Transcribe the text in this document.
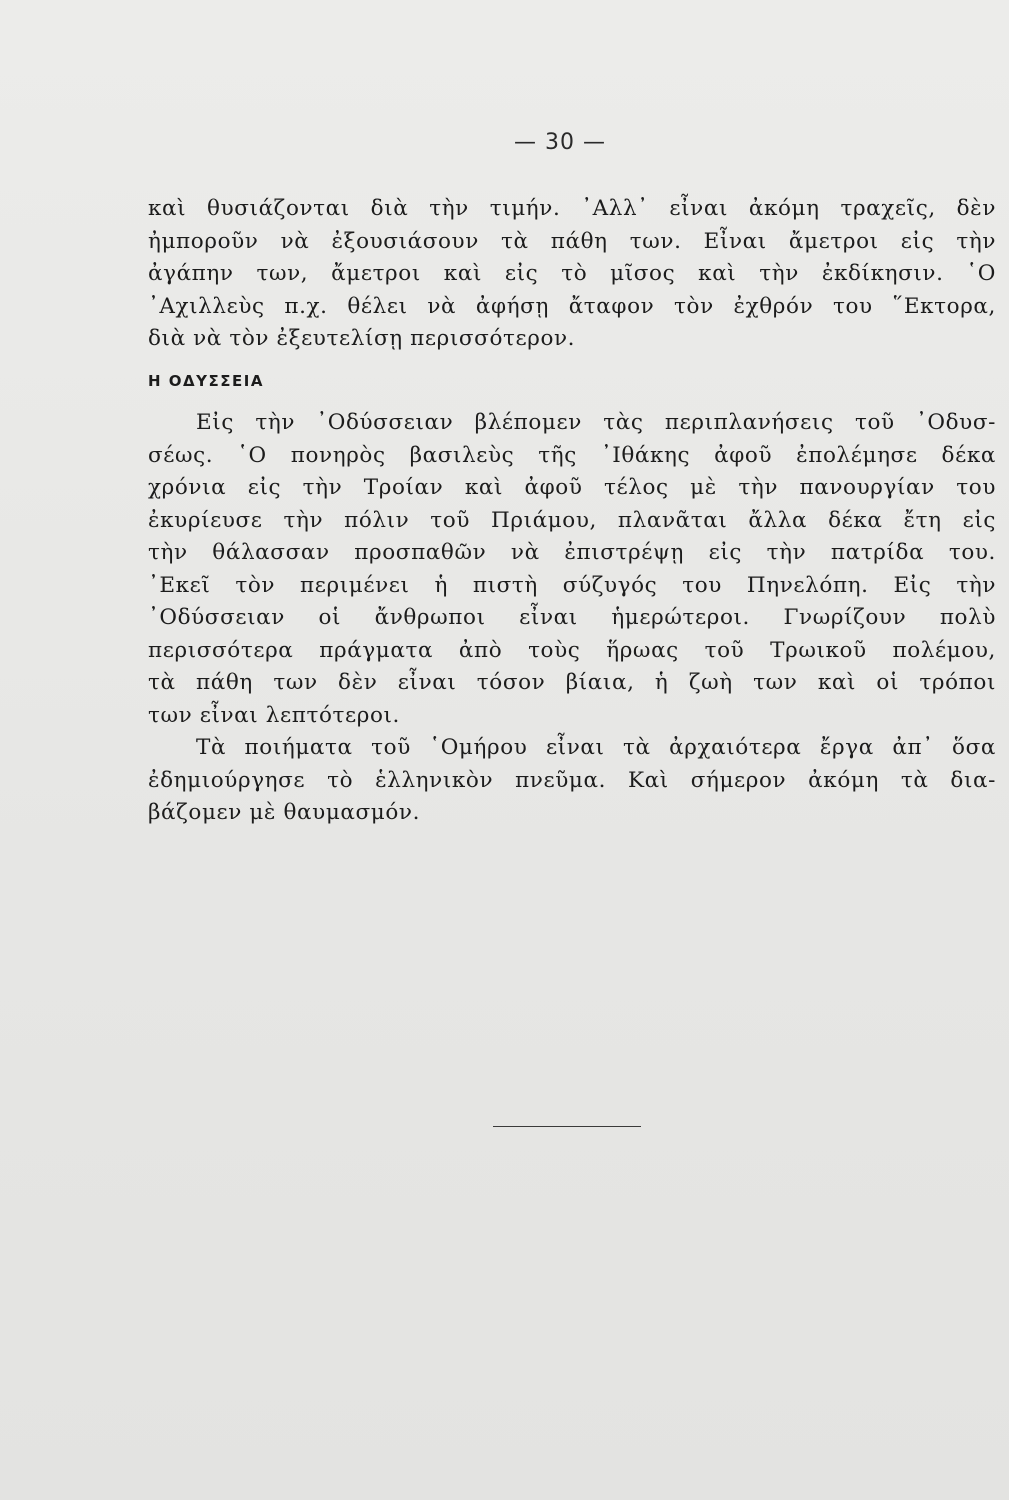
— 30 —
καὶ θυσιάζονται διὰ τὴν τιμήν. ᾿Αλλ᾿ εἶναι ἀκόμη τραχεῖς, δὲν
ἠμποροῦν νὰ ἐξουσιάσουν τὰ πάθη των. Εἶναι ἄμετροι εἰς τὴν
ἀγάπην των, ἄμετροι καὶ εἰς τὸ μῖσος καὶ τὴν ἐκδίκησιν. ῾Ο
᾿Αχιλλεὺς π.χ. θέλει νὰ ἀφήσῃ ἄταφον τὸν ἐχθρόν του ῞Εκτορα,
διὰ νὰ τὸν ἐξευτελίσῃ περισσότερον.
Η ΟΔΥΣΣΕΙΑ
Εἰς τὴν ᾿Οδύσσειαν βλέπομεν τὰς περιπλανήσεις τοῦ ᾿Οδυσ-
σέως. ῾Ο πονηρὸς βασιλεὺς τῆς ᾿Ιθάκης ἀφοῦ ἐπολέμησε δέκα
χρόνια εἰς τὴν Τροίαν καὶ ἀφοῦ τέλος μὲ τὴν πανουργίαν του
ἐκυρίευσε τὴν πόλιν τοῦ Πριάμου, πλανᾶται ἄλλα δέκα ἔτη εἰς
τὴν θάλασσαν προσπαθῶν νὰ ἐπιστρέψῃ εἰς τὴν πατρίδα του.
᾿Εκεῖ τὸν περιμένει ἡ πιστὴ σύζυγός του Πηνελόπη. Εἰς τὴν
᾿Οδύσσειαν οἱ ἄνθρωποι εἶναι ἡμερώτεροι. Γνωρίζουν πολὺ
περισσότερα πράγματα ἀπὸ τοὺς ἥρωας τοῦ Τρωικοῦ πολέμου,
τὰ πάθη των δὲν εἶναι τόσον βίαια, ἡ ζωὴ των καὶ οἱ τρόποι
των εἶναι λεπτότεροι.
Τὰ ποιήματα τοῦ ῾Ομήρου εἶναι τὰ ἀρχαιότερα ἔργα ἀπ᾿ ὅσα
ἐδημιούργησε τὸ ἑλληνικὸν πνεῦμα. Καὶ σήμερον ἀκόμη τὰ δια-
βάζομεν μὲ θαυμασμόν.
